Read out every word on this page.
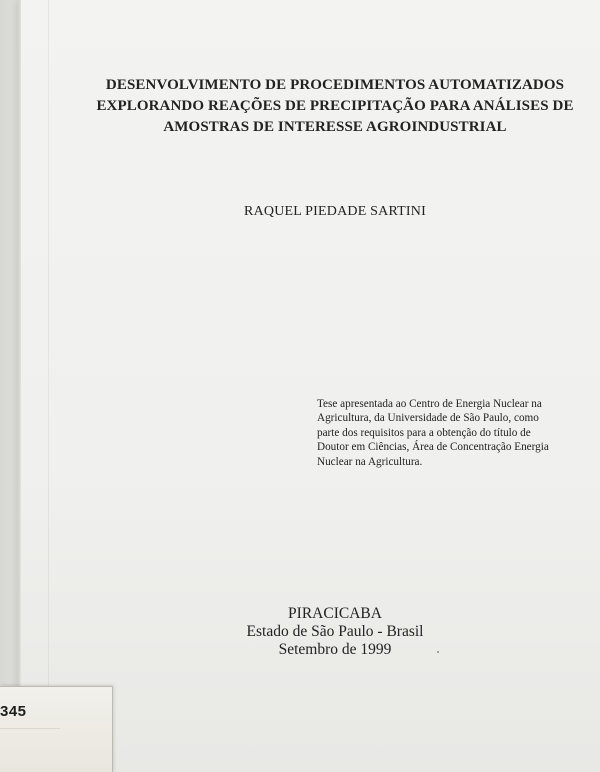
DESENVOLVIMENTO DE PROCEDIMENTOS AUTOMATIZADOS
EXPLORANDO REAÇÕES DE PRECIPITAÇÃO PARA ANÁLISES DE
AMOSTRAS DE INTERESSE AGROINDUSTRIAL
RAQUEL PIEDADE SARTINI
Tese apresentada ao Centro de Energia Nuclear na
Agricultura, da Universidade de São Paulo, como
parte dos requisitos para a obtenção do título de
Doutor em Ciências, Área de Concentração Energia
Nuclear na Agricultura.
PIRACICABA
Estado de São Paulo - Brasil
Setembro de 1999
345
